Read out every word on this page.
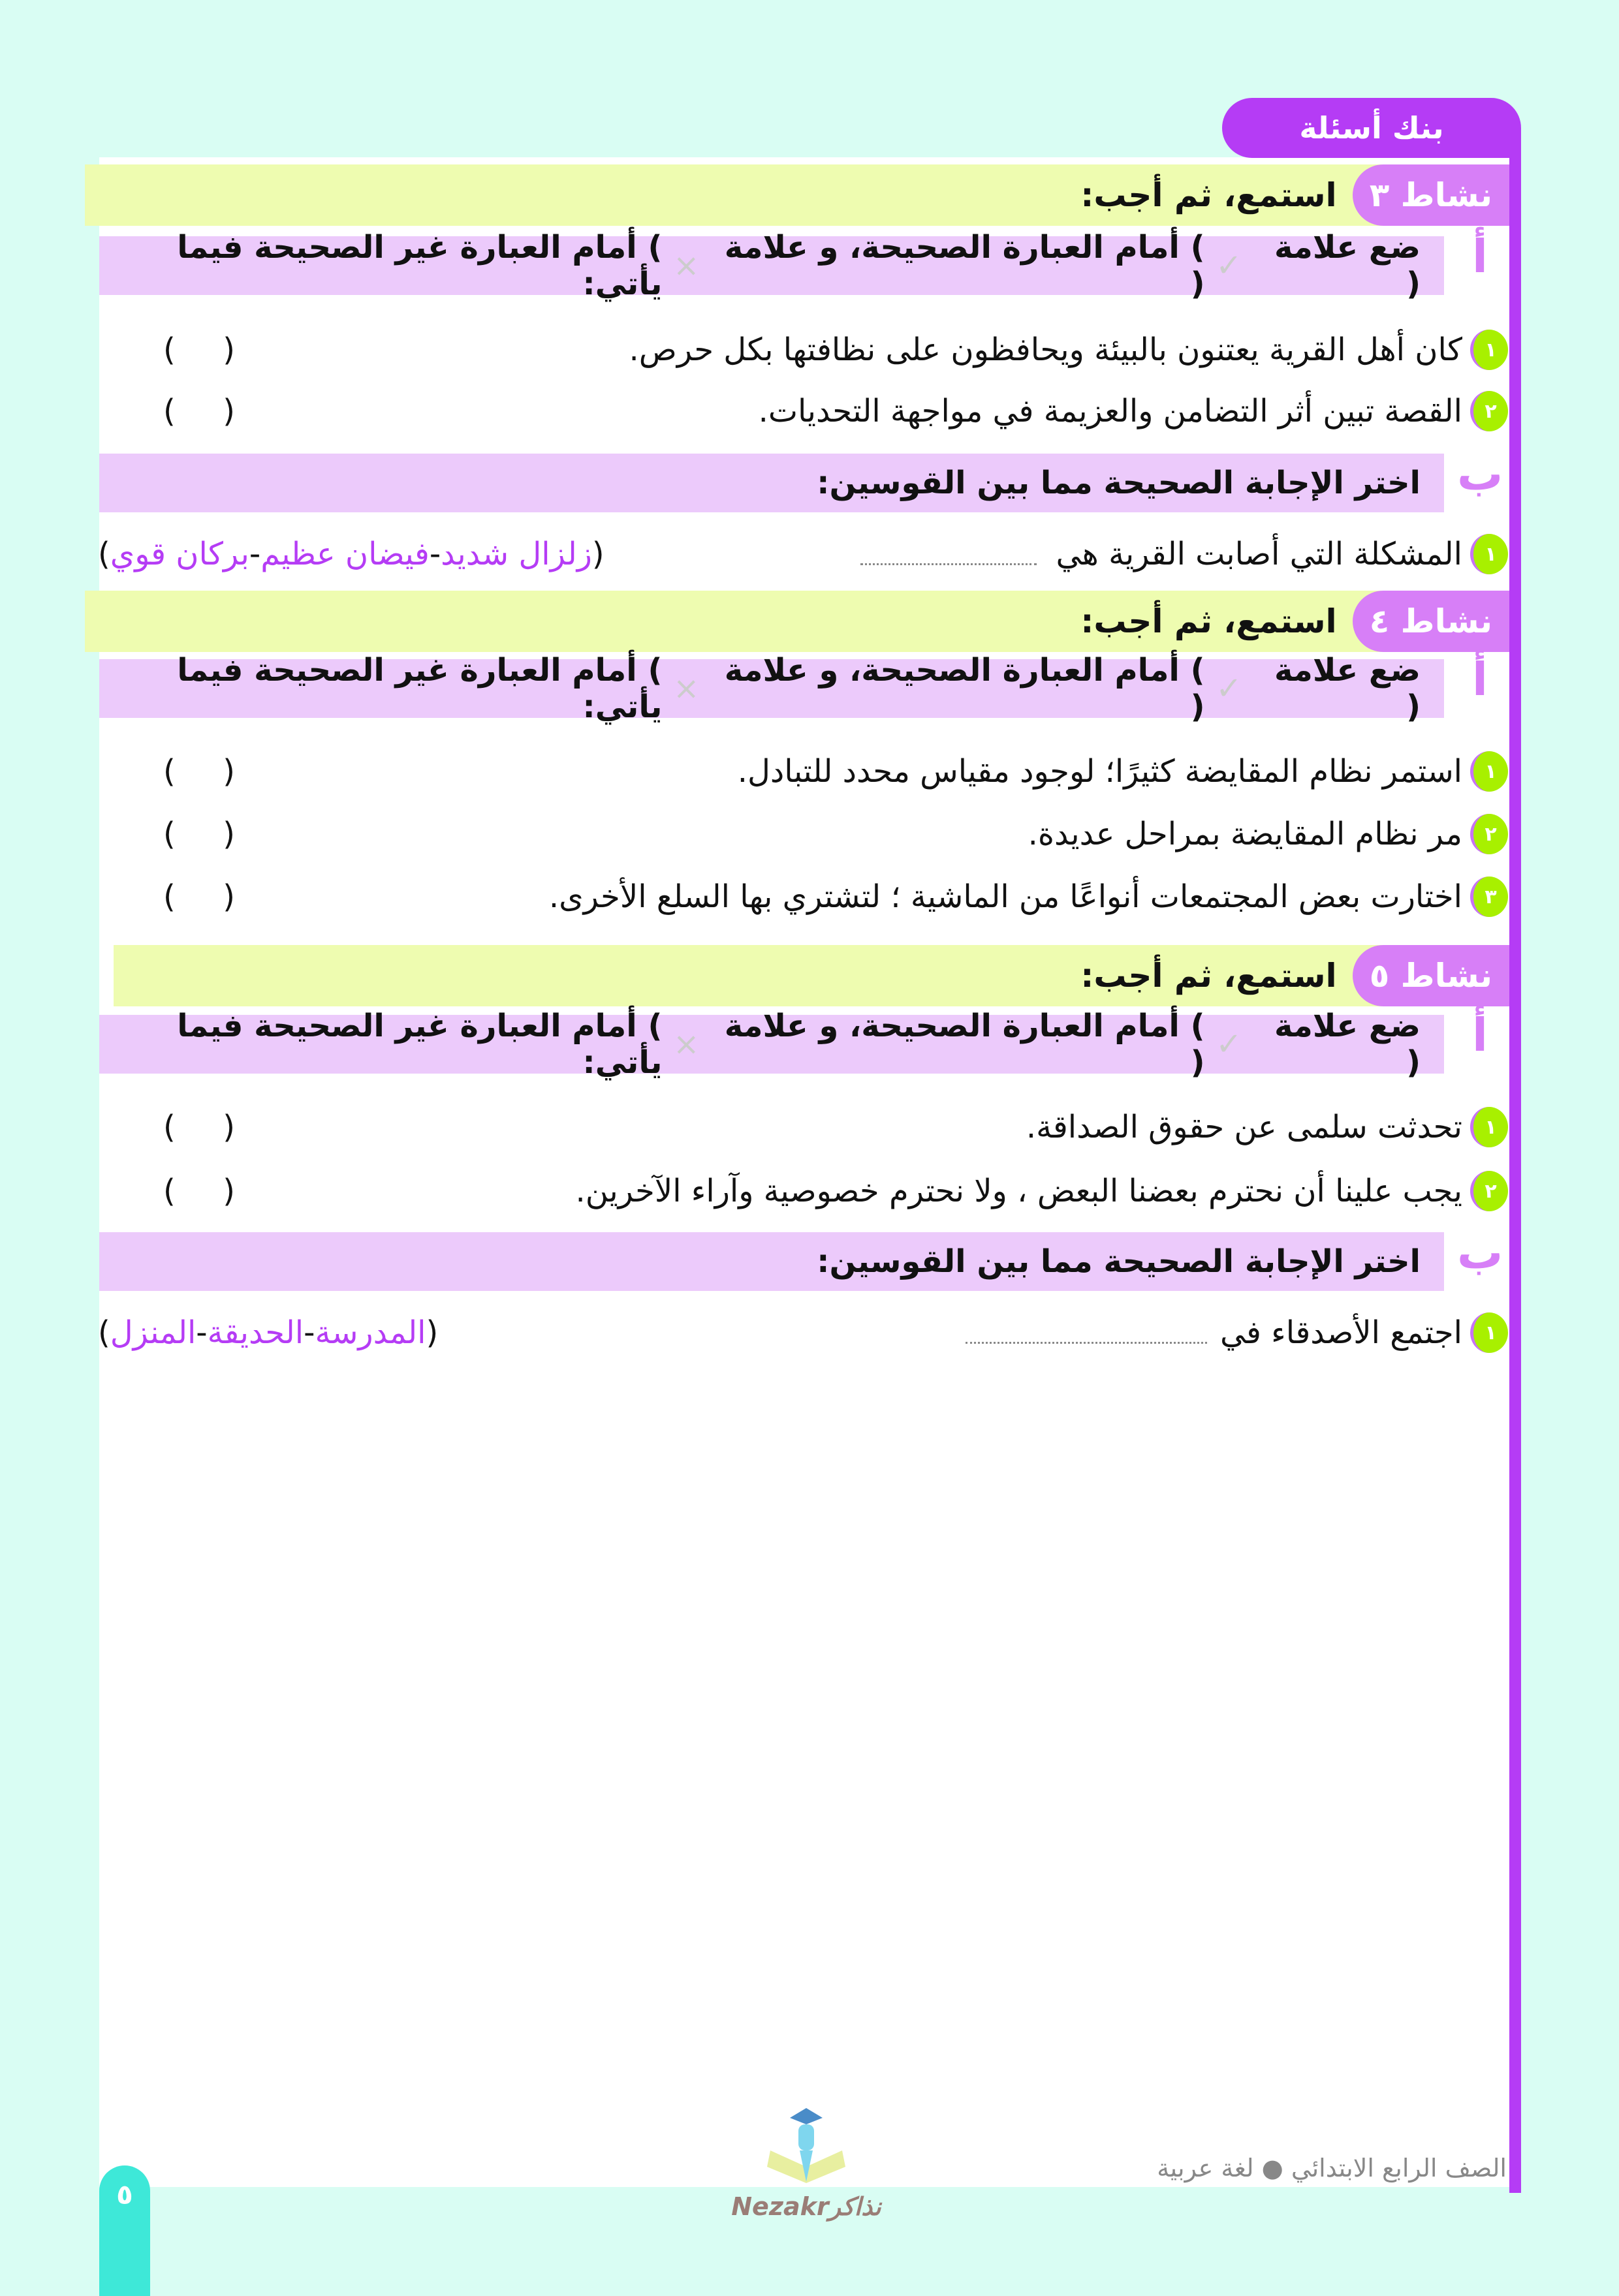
بنك أسئلة
نشاط ٣
استمع، ثم أجب:
أ
ضع علامة (

✓

) أمام العبارة الصحيحة، و علامة (

×

) أمام العبارة غير الصحيحة فيما يأتي:
١
كان أهل القرية يعتنون بالبيئة ويحافظون على نظافتها بكل حرص.
( )
٢
القصة تبين أثر التضامن والعزيمة في مواجهة التحديات.
( )
ب
اختر الإجابة الصحيحة مما بين القوسين:
١
المشكلة التي أصابت القرية هي
(
زلزال شديد
-
فيضان عظيم
-
بركان قوي
)
نشاط ٤
استمع، ثم أجب:
أ
ضع علامة (

✓

) أمام العبارة الصحيحة، و علامة (

×

) أمام العبارة غير الصحيحة فيما يأتي:
١
استمر نظام المقايضة كثيرًا؛ لوجود مقياس محدد للتبادل.
( )
٢
مر نظام المقايضة بمراحل عديدة.
( )
٣
اختارت بعض المجتمعات أنواعًا من الماشية ؛ لتشتري بها السلع الأخرى.
( )
نشاط ٥
استمع، ثم أجب:
أ
ضع علامة (

✓

) أمام العبارة الصحيحة، و علامة (

×

) أمام العبارة غير الصحيحة فيما يأتي:
١
تحدثت سلمى عن حقوق الصداقة.
( )
٢
يجب علينا أن نحترم بعضنا البعض ، ولا نحترم خصوصية وآراء الآخرين.
( )
ب
اختر الإجابة الصحيحة مما بين القوسين:
١
اجتمع الأصدقاء في
(
المدرسة
-
الحديقة
-
المنزل
)
Nezakrنذاكر
الصف الرابع الابتدائي ● لغة عربية
٥
